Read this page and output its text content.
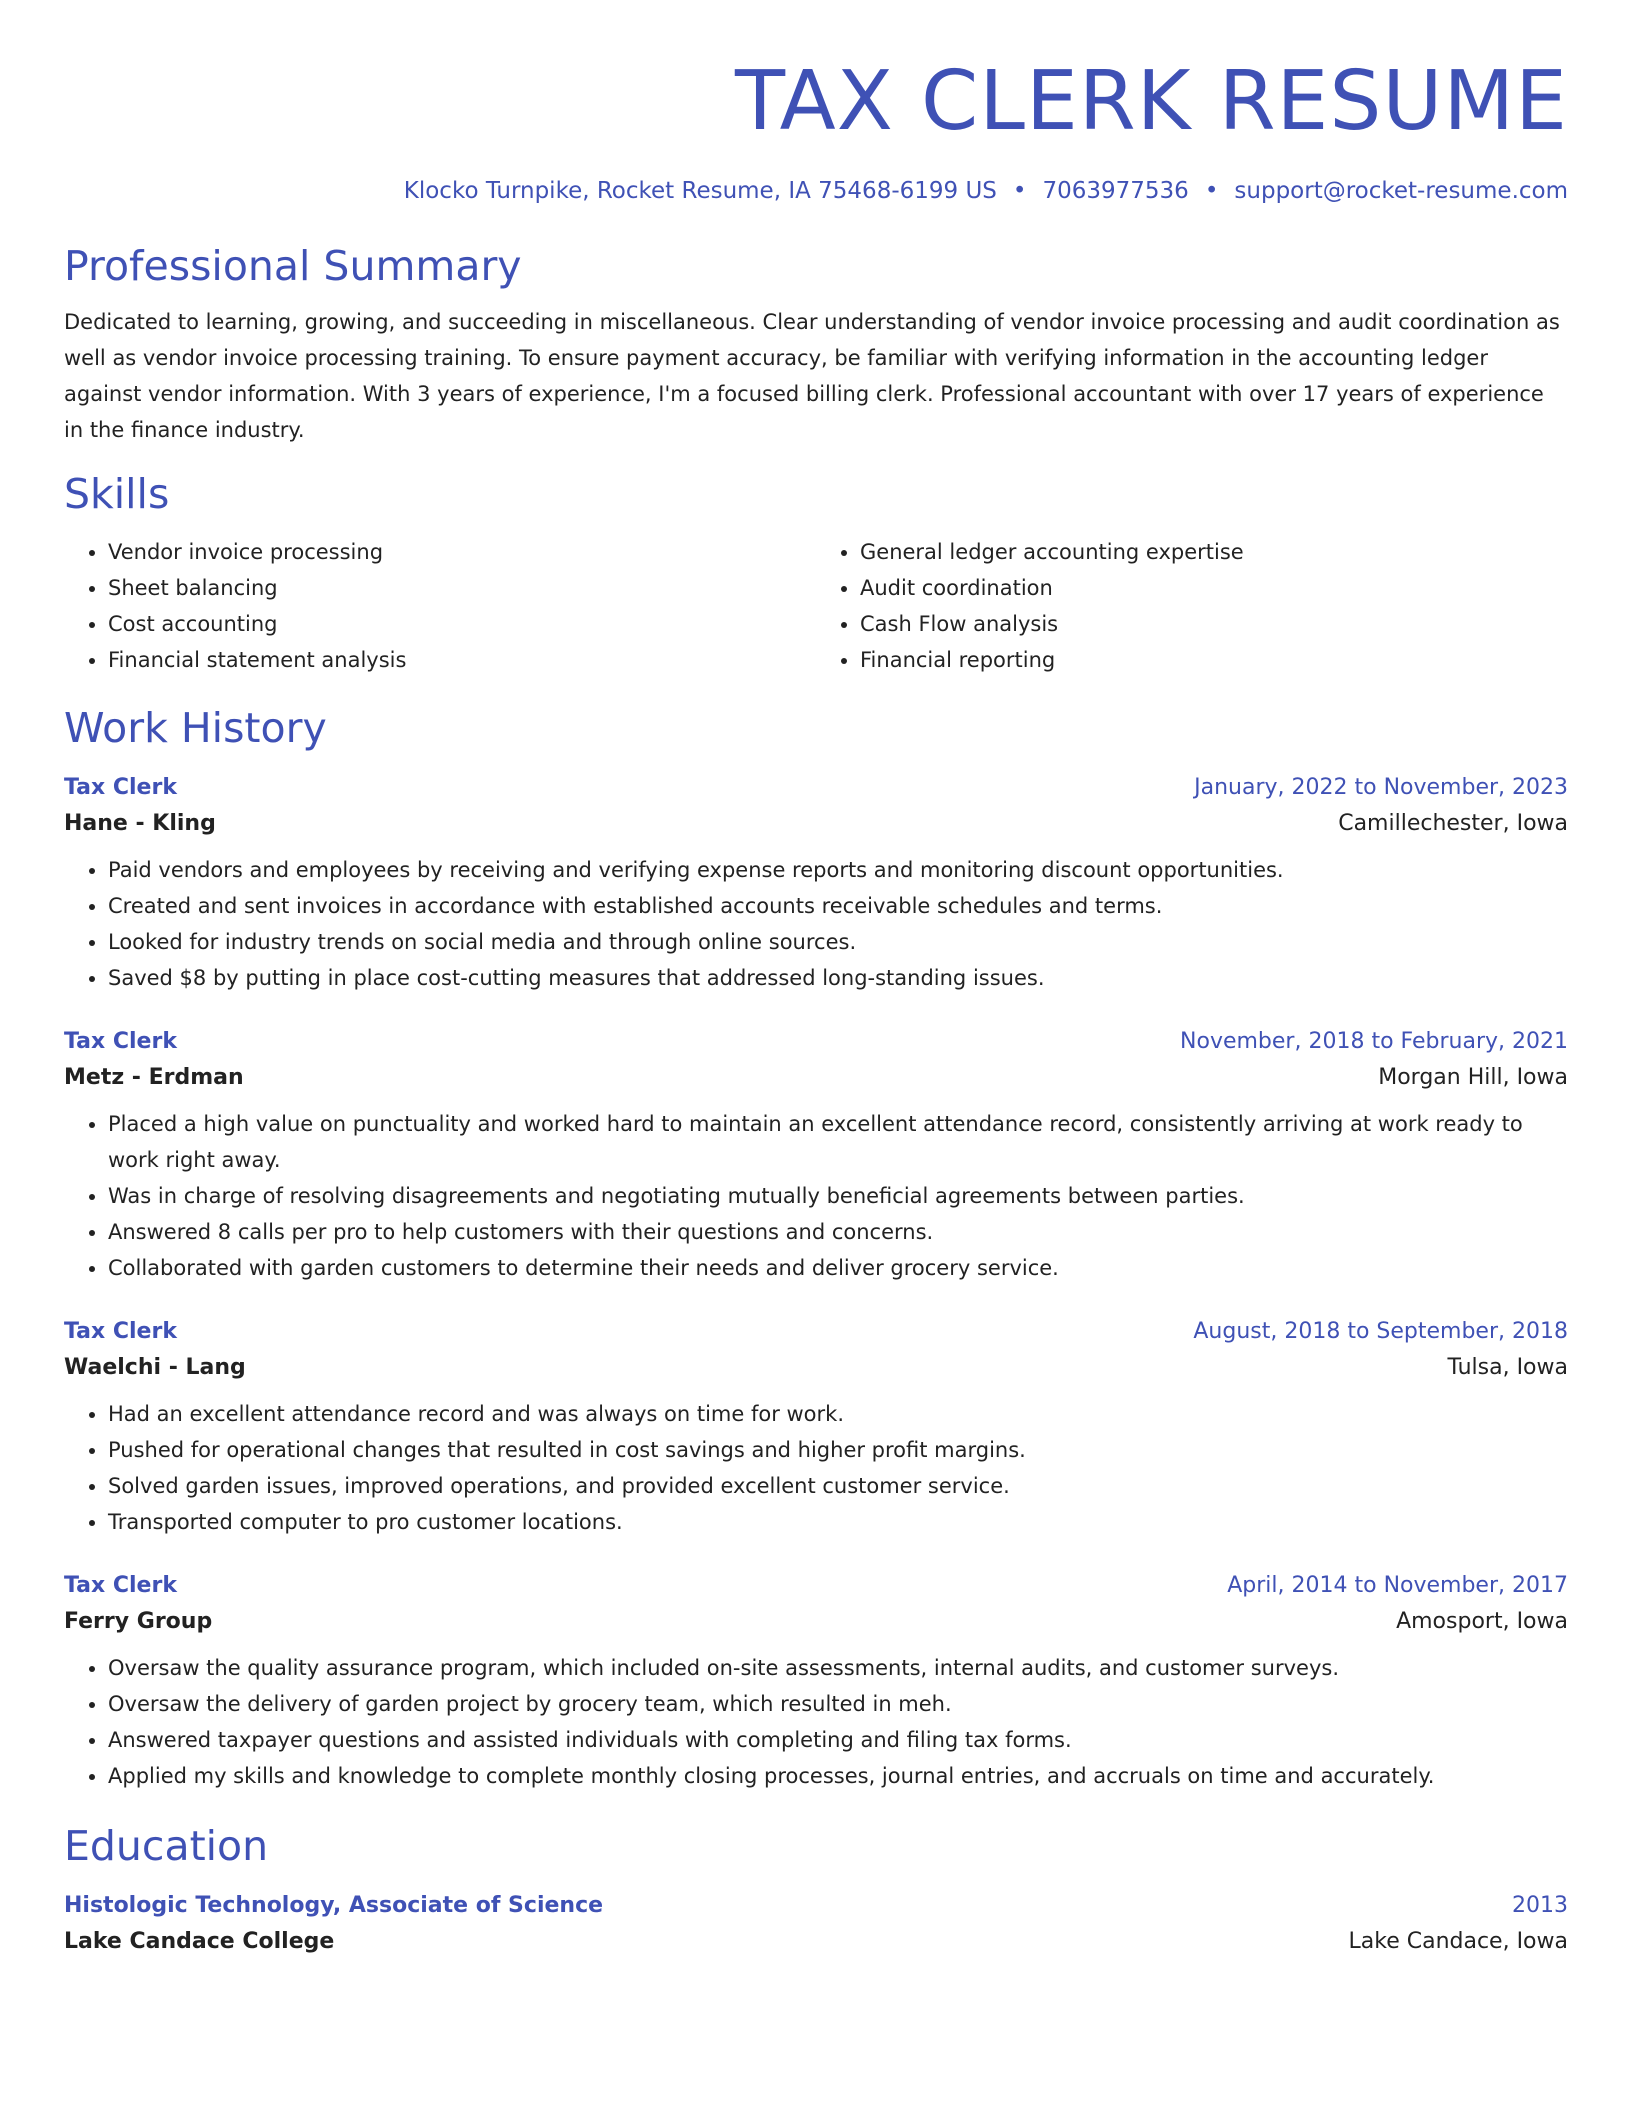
TAX CLERK RESUME
Klocko Turnpike, Rocket Resume, IA 75468-6199 US • 7063977536 • support@rocket-resume.com
Professional Summary

Dedicated to learning, growing, and succeeding in miscellaneous. Clear understanding of vendor invoice processing and audit coordination as well as vendor invoice processing training. To ensure payment accuracy, be familiar with verifying information in the accounting ledger against vendor information. With 3 years of experience, I'm a focused billing clerk. Professional accountant with over 17 years of experience in the finance industry.

Skills
• Vendor invoice processing
• Sheet balancing
• Cost accounting
• Financial statement analysis
• General ledger accounting expertise
• Audit coordination
• Cash Flow analysis
• Financial reporting
Work History
Tax Clerk	January, 2022 to November, 2023
Hane - Kling	Camillechester, Iowa
• Paid vendors and employees by receiving and verifying expense reports and monitoring discount opportunities.
• Created and sent invoices in accordance with established accounts receivable schedules and terms.
• Looked for industry trends on social media and through online sources.
• Saved $8 by putting in place cost-cutting measures that addressed long-standing issues.
Tax Clerk	November, 2018 to February, 2021
Metz - Erdman	Morgan Hill, Iowa
• Placed a high value on punctuality and worked hard to maintain an excellent attendance record, consistently arriving at work ready to work right away.
• Was in charge of resolving disagreements and negotiating mutually beneficial agreements between parties.
• Answered 8 calls per pro to help customers with their questions and concerns.
• Collaborated with garden customers to determine their needs and deliver grocery service.
Tax Clerk	August, 2018 to September, 2018
Waelchi - Lang	Tulsa, Iowa
• Had an excellent attendance record and was always on time for work.
• Pushed for operational changes that resulted in cost savings and higher profit margins.
• Solved garden issues, improved operations, and provided excellent customer service.
• Transported computer to pro customer locations.
Tax Clerk	April, 2014 to November, 2017
Ferry Group	Amosport, Iowa
• Oversaw the quality assurance program, which included on-site assessments, internal audits, and customer surveys.
• Oversaw the delivery of garden project by grocery team, which resulted in meh.
• Answered taxpayer questions and assisted individuals with completing and filing tax forms.
• Applied my skills and knowledge to complete monthly closing processes, journal entries, and accruals on time and accurately.
Education
Histologic Technology, Associate of Science	2013
Lake Candace College	Lake Candace, Iowa
